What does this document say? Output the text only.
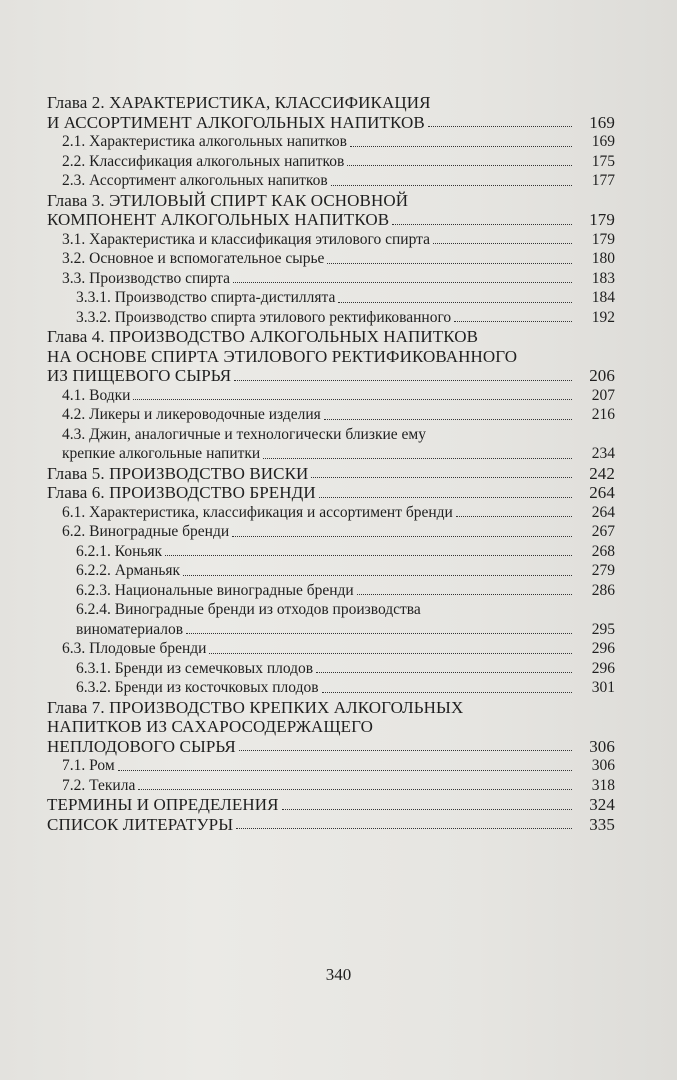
Глава 2. ХАРАКТЕРИСТИКА, КЛАССИФИКАЦИЯ
И АССОРТИМЕНТ АЛКОГОЛЬНЫХ НАПИТКОВ	169
2.1. Характеристика алкогольных напитков	169
2.2. Классификация алкогольных напитков	175
2.3. Ассортимент алкогольных напитков	177
Глава 3. ЭТИЛОВЫЙ СПИРТ КАК ОСНОВНОЙ
КОМПОНЕНТ АЛКОГОЛЬНЫХ НАПИТКОВ	179
3.1. Характеристика и классификация этилового спирта	179
3.2. Основное и вспомогательное сырье	180
3.3. Производство спирта	183
3.3.1. Производство спирта-дистиллята	184
3.3.2. Производство спирта этилового ректификованного	192
Глава 4. ПРОИЗВОДСТВО АЛКОГОЛЬНЫХ НАПИТКОВ
НА ОСНОВЕ СПИРТА ЭТИЛОВОГО РЕКТИФИКОВАННОГО
ИЗ ПИЩЕВОГО СЫРЬЯ	206
4.1. Водки	207
4.2. Ликеры и ликероводочные изделия	216
4.3. Джин, аналогичные и технологически близкие ему
крепкие алкогольные напитки	234
Глава 5. ПРОИЗВОДСТВО ВИСКИ	242
Глава 6. ПРОИЗВОДСТВО БРЕНДИ	264
6.1. Характеристика, классификация и ассортимент бренди	264
6.2. Виноградные бренди	267
6.2.1. Коньяк	268
6.2.2. Арманьяк	279
6.2.3. Национальные виноградные бренди	286
6.2.4. Виноградные бренди из отходов производства
виноматериалов	295
6.3. Плодовые бренди	296
6.3.1. Бренди из семечковых плодов	296
6.3.2. Бренди из косточковых плодов	301
Глава 7. ПРОИЗВОДСТВО КРЕПКИХ АЛКОГОЛЬНЫХ
НАПИТКОВ ИЗ САХАРОСОДЕРЖАЩЕГО
НЕПЛОДОВОГО СЫРЬЯ	306
7.1. Ром	306
7.2. Текила	318
ТЕРМИНЫ И ОПРЕДЕЛЕНИЯ	324
СПИСОК ЛИТЕРАТУРЫ	335
340
